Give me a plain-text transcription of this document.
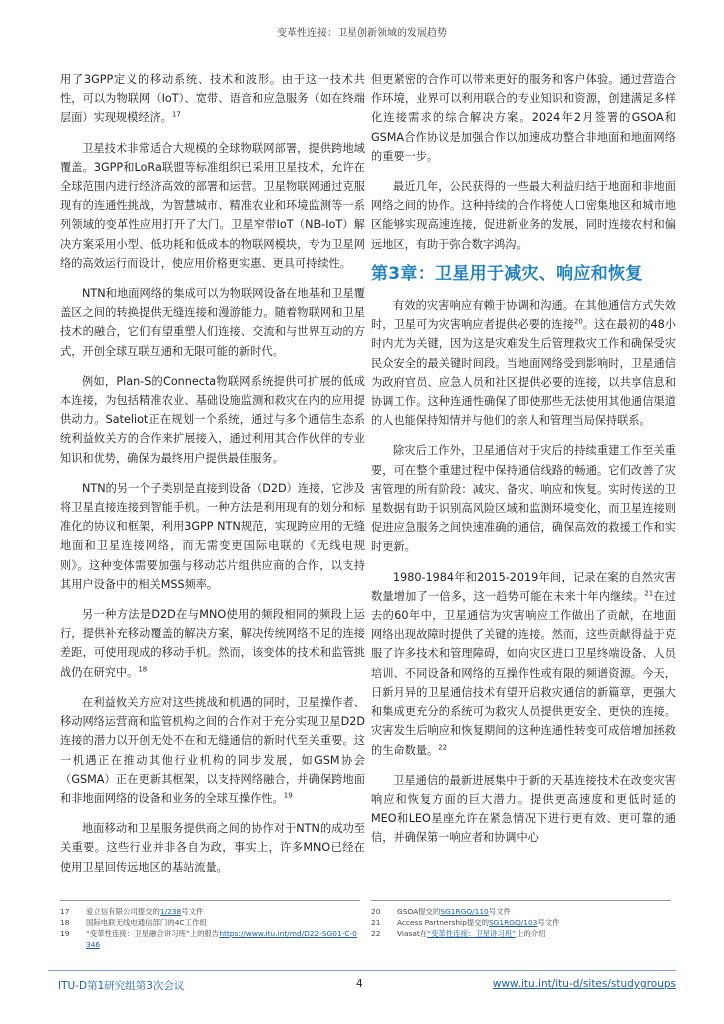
变革性连接：卫星创新领域的发展趋势

用了3GPP定义的移动系统、技术和波形。由于这一技术共性，可以为物联网（IoT）、宽带、语音和应急服务（如在终端层面）实现规模经济。$^{17}$

卫星技术非常适合大规模的全球物联网部署，提供跨地域覆盖。3GPP和LoRa联盟等标准组织已采用卫星技术，允许在全球范围内进行经济高效的部署和运营。卫星物联网通过克服现有的连通性挑战，为智慧城市、精准农业和环境监测等一系列领域的变革性应用打开了大门。卫星窄带IoT（NB-IoT）解决方案采用小型、低功耗和低成本的物联网模块，专为卫星网络的高效运行而设计，使应用价格更实惠、更具可持续性。

NTN和地面网络的集成可以为物联网设备在地基和卫星覆盖区之间的转换提供无缝连接和漫游能力。随着物联网和卫星技术的融合，它们有望重塑人们连接、交流和与世界互动的方式，开创全球互联互通和无限可能的新时代。

例如，Plan-S的Connecta物联网系统提供可扩展的低成本连接，为包括精准农业、基础设施监测和救灾在内的应用提供动力。Sateliot正在规划一个系统，通过与多个通信生态系统利益攸关方的合作来扩展接入，通过利用其合作伙伴的专业知识和优势，确保为最终用户提供最佳服务。

NTN的另一个子类别是直接到设备（D2D）连接，它涉及将卫星直接连接到智能手机。一种方法是利用现有的划分和标准化的协议和框架，利用3GPP NTN规范，实现跨应用的无缝地面和卫星连接网络，而无需变更国际电联的《无线电规则》。这种变体需要加强与移动芯片组供应商的合作，以支持其用户设备中的相关MSS频率。

另一种方法是D2D在与MNO使用的频段相同的频段上运行，提供补充移动覆盖的解决方案，解决传统网络不足的连接差距，可使用现成的移动手机。然而，该变体的技术和监管挑战仍在研究中。$^{18}$

在利益攸关方应对这些挑战和机遇的同时，卫星操作者、移动网络运营商和监管机构之间的合作对于充分实现卫星D2D连接的潜力以开创无处不在和无缝通信的新时代至关重要。这一机遇正在推动其他行业机构的同步发展，如GSM协会（GSMA）正在更新其框架，以支持网络融合，并确保跨地面和非地面网络的设备和业务的全球互操作性。$^{19}$

地面移动和卫星服务提供商之间的协作对于NTN的成功至关重要。这些行业并非各自为政，事实上，许多MNO已经在使用卫星回传远地区的基站流量。

但更紧密的合作可以带来更好的服务和客户体验。通过营造合作环境，业界可以利用联合的专业知识和资源，创建满足多样化连接需求的综合解决方案。2024年2月签署的GSOA和GSMA合作协议是加强合作以加速成功整合非地面和地面网络的重要一步。

最近几年，公民获得的一些最大利益归结于地面和非地面网络之间的协作。这种持续的合作将使人口密集地区和城市地区能够实现高速连接，促进新业务的发展，同时连接农村和偏远地区，有助于弥合数字鸿沟。

第3章：卫星用于减灾、响应和恢复

有效的灾害响应有赖于协调和沟通。在其他通信方式失效时，卫星可为灾害响应者提供必要的连接$^{20}$。这在最初的48小时内尤为关键，因为这是灾难发生后管理救灾工作和确保受灾民众安全的最关键时间段。当地面网络受到影响时，卫星通信为政府官员、应急人员和社区提供必要的连接，以共享信息和协调工作。这种连通性确保了即使那些无法使用其他通信渠道的人也能保持知情并与他们的亲人和管理当局保持联系。

除灾后工作外，卫星通信对于灾后的持续重建工作至关重要，可在整个重建过程中保持通信线路的畅通。它们改善了灾害管理的所有阶段：减灾、备灾、响应和恢复。实时传送的卫星数据有助于识别高风险区域和监测环境变化，而卫星连接则促进应急服务之间快速准确的通信，确保高效的救援工作和实时更新。

1980-1984年和2015-2019年间，记录在案的自然灾害数量增加了一倍多，这一趋势可能在未来十年内继续。$^{21}$在过去的60年中，卫星通信为灾害响应工作做出了贡献，在地面网络出现故障时提供了关键的连接。然而，这些贡献得益于克服了许多技术和管理障碍，如向灾区进口卫星终端设备、人员培训、不同设备和网络的互操作性或有限的频谱资源。今天，日新月异的卫星通信技术有望开启救灾通信的新篇章，更强大和集成更充分的系统可为救灾人员提供更安全、更快的连接。灾害发生后响应和恢复期间的这种连通性转变可成倍增加拯救的生命数量。$^{22}$

卫星通信的最新进展集中于新的天基连接技术在改变灾害响应和恢复方面的巨大潜力。提供更高速度和更低时延的MEO和LEO星座允许在紧急情况下进行更有效、更可靠的通信，并确保第一响应者和协调中心

17	爱立信有限公司提交的1/238号文件
18	国际电联无线电通信部门的4C工作组
19	“变革性连接：卫星融合讲习班”上的报告https://www.itu.int/md/D22-SG01-C-0346
20	GSOA提交的SG1RGQ/110号文件
21	Access Partnership提交的SG1RGQ/103号文件
22	Viasat在“变革性连接：卫星讲习班”上的介绍
ITU-D第1研究组第3次会议	4	www.itu.int/itu-d/sites/studygroups
